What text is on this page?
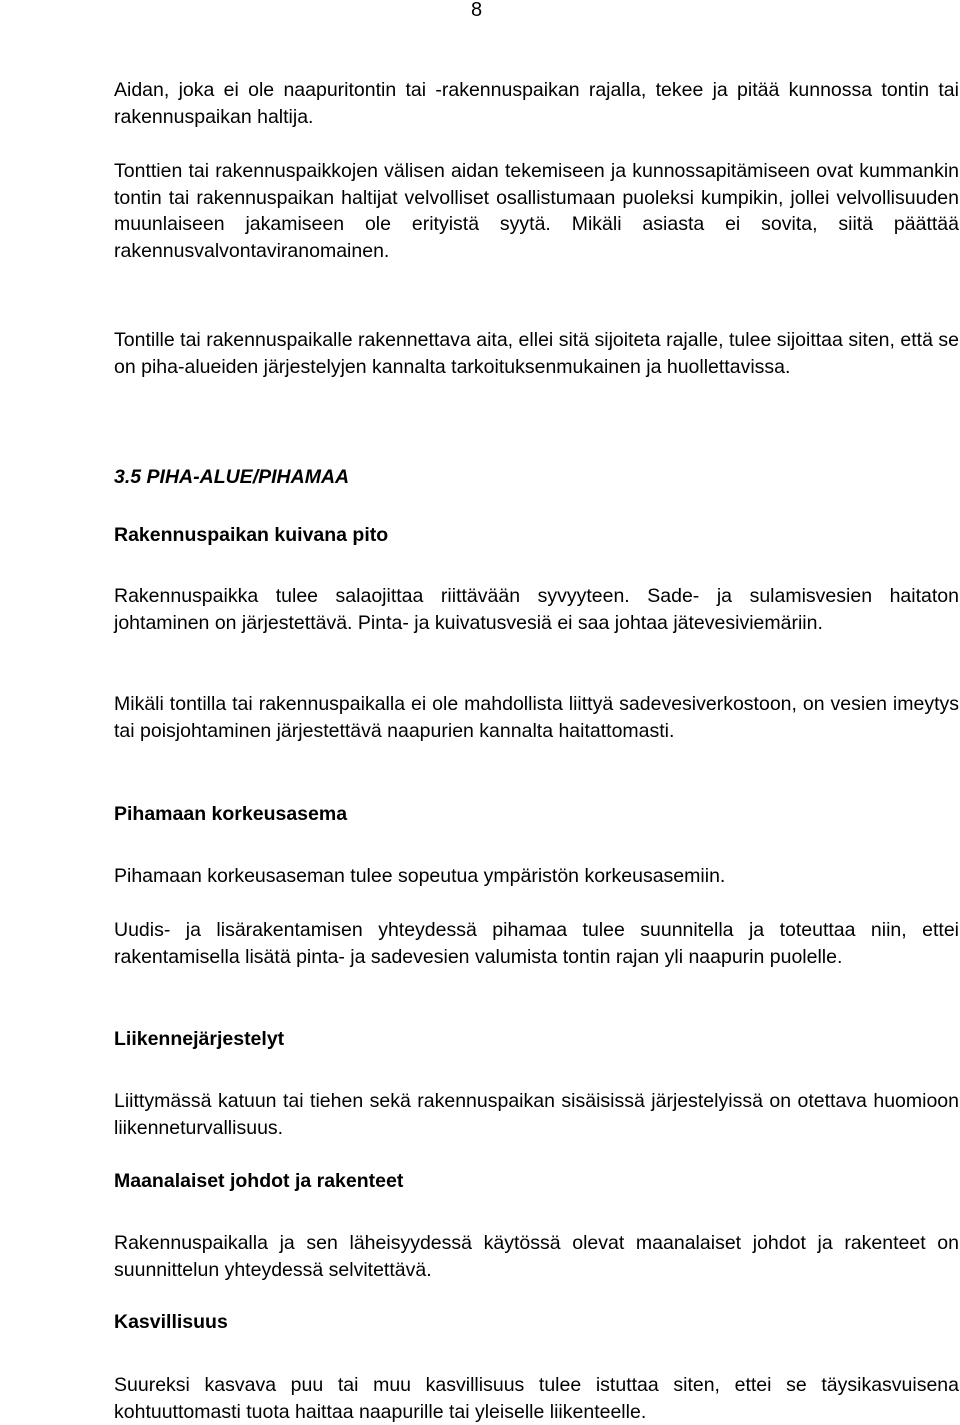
8

Aidan, joka ei ole naapuritontin tai -rakennuspaikan rajalla, tekee ja pitää kunnossa tontin tai rakennuspaikan haltija.

Tonttien tai rakennuspaikkojen välisen aidan tekemiseen ja kunnossapitämiseen ovat kummankin tontin tai rakennuspaikan haltijat velvolliset osallistumaan puoleksi kumpikin, jollei velvollisuuden muunlaiseen jakamiseen ole erityistä syytä. Mikäli asiasta ei sovita, siitä päättää rakennusvalvontaviranomainen.

Tontille tai rakennuspaikalle rakennettava aita, ellei sitä sijoiteta rajalle, tulee sijoittaa siten, että se on piha-alueiden järjestelyjen kannalta tarkoituksenmukainen ja huollettavissa.

3.5 PIHA-ALUE/PIHAMAA
Rakennuspaikan kuivana pito

Rakennuspaikka tulee salaojittaa riittävään syvyyteen. Sade- ja sulamisvesien haitaton johtaminen on järjestettävä. Pinta- ja kuivatusvesiä ei saa johtaa jätevesiviemäriin.

Mikäli tontilla tai rakennuspaikalla ei ole mahdollista liittyä sadevesiverkostoon, on vesien imeytys tai poisjohtaminen järjestettävä naapurien kannalta haitattomasti.

Pihamaan korkeusasema

Pihamaan korkeusaseman tulee sopeutua ympäristön korkeusasemiin.

Uudis- ja lisärakentamisen yhteydessä pihamaa tulee suunnitella ja toteuttaa niin, ettei rakentamisella lisätä pinta- ja sadevesien valumista tontin rajan yli naapurin puolelle.

Liikennejärjestelyt

Liittymässä katuun tai tiehen sekä rakennuspaikan sisäisissä järjestelyissä on otettava huomioon liikenneturvallisuus.

Maanalaiset johdot ja rakenteet

Rakennuspaikalla ja sen läheisyydessä käytössä olevat maanalaiset johdot ja rakenteet on suunnittelun yhteydessä selvitettävä.

Kasvillisuus

Suureksi kasvava puu tai muu kasvillisuus tulee istuttaa siten, ettei se täysikasvuisena kohtuuttomasti tuota haittaa naapurille tai yleiselle liikenteelle.
